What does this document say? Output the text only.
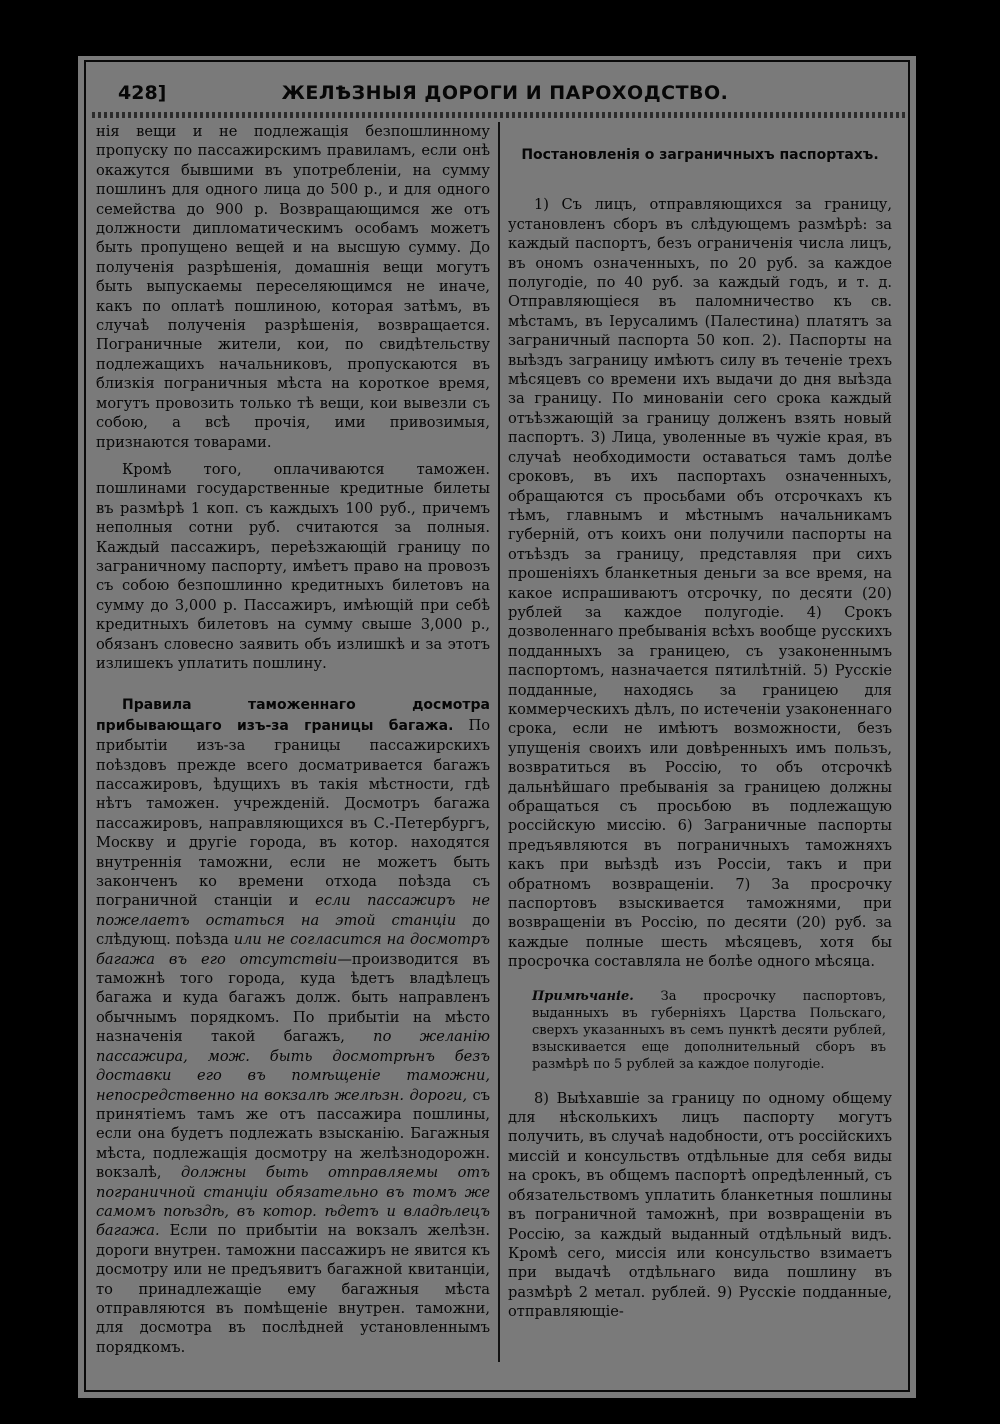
428]	ЖЕЛѢЗНЫЯ ДОРОГИ И ПАРОХОДСТВО.

нія вещи и не подлежащія безпошлинному пропуску по пассажирскимъ правиламъ, если онѣ окажутся бывшими въ употребленіи, на сумму пошлинъ для одного лица до 500 р., и для одного семейства до 900 р. Возвращающимся же отъ должности дипломатическимъ особамъ можетъ быть пропущено вещей и на высшую сумму. До полученія разрѣшенія, домашнія вещи могутъ быть выпускаемы переселяющимся не иначе, какъ по оплатѣ пошлиною, которая затѣмъ, въ случаѣ полученія разрѣшенія, возвращается. Пограничные жители, кои, по свидѣтельству подлежащихъ начальниковъ, пропускаются въ близкія пограничныя мѣста на короткое время, могутъ провозить только тѣ вещи, кои вывезли съ собою, а всѣ прочія, ими привозимыя, признаются товарами.

Кромѣ того, оплачиваются таможен. пошлинами государственные кредитные билеты въ размѣрѣ 1 коп. съ каждыхъ 100 руб., причемъ неполныя сотни руб. считаются за полныя. Каждый пассажиръ, переѣзжающій границу по заграничному паспорту, имѣетъ право на провозъ съ собою безпошлинно кредитныхъ билетовъ на сумму до 3,000 р. Пассажиръ, имѣющій при себѣ кредитныхъ билетовъ на сумму свыше 3,000 р., обязанъ словесно заявить объ излишкѣ и за этотъ излишекъ уплатить пошлину.

Правила таможеннаго досмотра прибывающаго изъ-за границы багажа. По прибытіи изъ-за границы пассажирскихъ поѣздовъ прежде всего досматривается багажъ пассажировъ, ѣдущихъ въ такія мѣстности, гдѣ нѣтъ таможен. учрежденій. Досмотръ багажа пассажировъ, направляющихся въ С.-Петербургъ, Москву и другіе города, въ котор. находятся внутреннія таможни, если не можетъ быть законченъ ко времени отхода поѣзда съ пограничной станціи и если пассажиръ не пожелаетъ остаться на этой станціи до слѣдующ. поѣзда или не согласится на досмотръ багажа въ его отсутствіи—производится въ таможнѣ того города, куда ѣдетъ владѣлецъ багажа и куда багажъ долж. быть направленъ обычнымъ порядкомъ. По прибытіи на мѣсто назначенія такой багажъ, по желанію пассажира, мож. быть досмотрѣнъ безъ доставки его въ помѣщеніе таможни, непосредственно на вокзалѣ желѣзн. дороги, съ принятіемъ тамъ же отъ пассажира пошлины, если она будетъ подлежать взысканію. Багажныя мѣста, подлежащія досмотру на желѣзнодорожн. вокзалѣ, должны быть отправляемы отъ пограничной станціи обязательно въ томъ же самомъ поѣздѣ, въ котор. ѣдетъ и владѣлецъ багажа. Если по прибытіи на вокзалъ желѣзн. дороги внутрен. таможни пассажиръ не явится къ досмотру или не предъявитъ багажной квитанціи, то принадлежащіе ему багажныя мѣста отправляются въ помѣщеніе внутрен. таможни, для досмотра въ послѣдней установленнымъ порядкомъ.

Постановленія о заграничныхъ паспортахъ.

1) Съ лицъ, отправляющихся за границу, установленъ сборъ въ слѣдующемъ размѣрѣ: за каждый паспортъ, безъ ограниченія числа лицъ, въ ономъ означенныхъ, по 20 руб. за каждое полугодіе, по 40 руб. за каждый годъ, и т. д. Отправляющіеся въ паломничество къ св. мѣстамъ, въ Іерусалимъ (Палестина) платятъ за заграничный паспорта 50 коп. 2). Паспорты на выѣздъ заграницу имѣютъ силу въ теченіе трехъ мѣсяцевъ со времени ихъ выдачи до дня выѣзда за границу. По минованіи сего срока каждый отъѣзжающій за границу долженъ взять новый паспортъ. 3) Лица, уволенные въ чужіе края, въ случаѣ необходимости оставаться тамъ долѣе сроковъ, въ ихъ паспортахъ означенныхъ, обращаются съ просьбами объ отсрочкахъ къ тѣмъ, главнымъ и мѣстнымъ начальникамъ губерній, отъ коихъ они получили паспорты на отъѣздъ за границу, представляя при сихъ прошеніяхъ бланкетныя деньги за все время, на какое испрашиваютъ отсрочку, по десяти (20) рублей за каждое полугодіе. 4) Срокъ дозволеннаго пребыванія всѣхъ вообще русскихъ подданныхъ за границею, съ узаконеннымъ паспортомъ, назначается пятилѣтній. 5) Русскіе подданные, находясь за границею для коммерческихъ дѣлъ, по истеченіи узаконеннаго срока, если не имѣютъ возможности, безъ упущенія своихъ или довѣренныхъ имъ пользъ, возвратиться въ Россію, то объ отсрочкѣ дальнѣйшаго пребыванія за границею должны обращаться съ просьбою въ подлежащую россійскую миссію. 6) Заграничные паспорты предъявляются въ пограничныхъ таможняхъ какъ при выѣздѣ изъ Россіи, такъ и при обратномъ возвращеніи. 7) За просрочку паспортовъ взыскивается таможнями, при возвращеніи въ Россію, по десяти (20) руб. за каждые полные шесть мѣсяцевъ, хотя бы просрочка составляла не болѣе одного мѣсяца.

Примѣчаніе. За просрочку паспортовъ, выданныхъ въ губерніяхъ Царства Польскаго, сверхъ указанныхъ въ семъ пунктѣ десяти рублей, взыскивается еще дополнительный сборъ въ размѣрѣ по 5 рублей за каждое полугодіе.

8) Выѣхавшіе за границу по одному общему для нѣсколькихъ лицъ паспорту могутъ получить, въ случаѣ надобности, отъ россійскихъ миссій и консульствъ отдѣльные для себя виды на срокъ, въ общемъ паспортѣ опредѣленный, съ обязательствомъ уплатить бланкетныя пошлины въ пограничной таможнѣ, при возвращеніи въ Россію, за каждый выданный отдѣльный видъ. Кромѣ сего, миссія или консульство взимаетъ при выдачѣ отдѣльнаго вида пошлину въ размѣрѣ 2 метал. рублей. 9) Русскіе подданные, отправляющіе-
